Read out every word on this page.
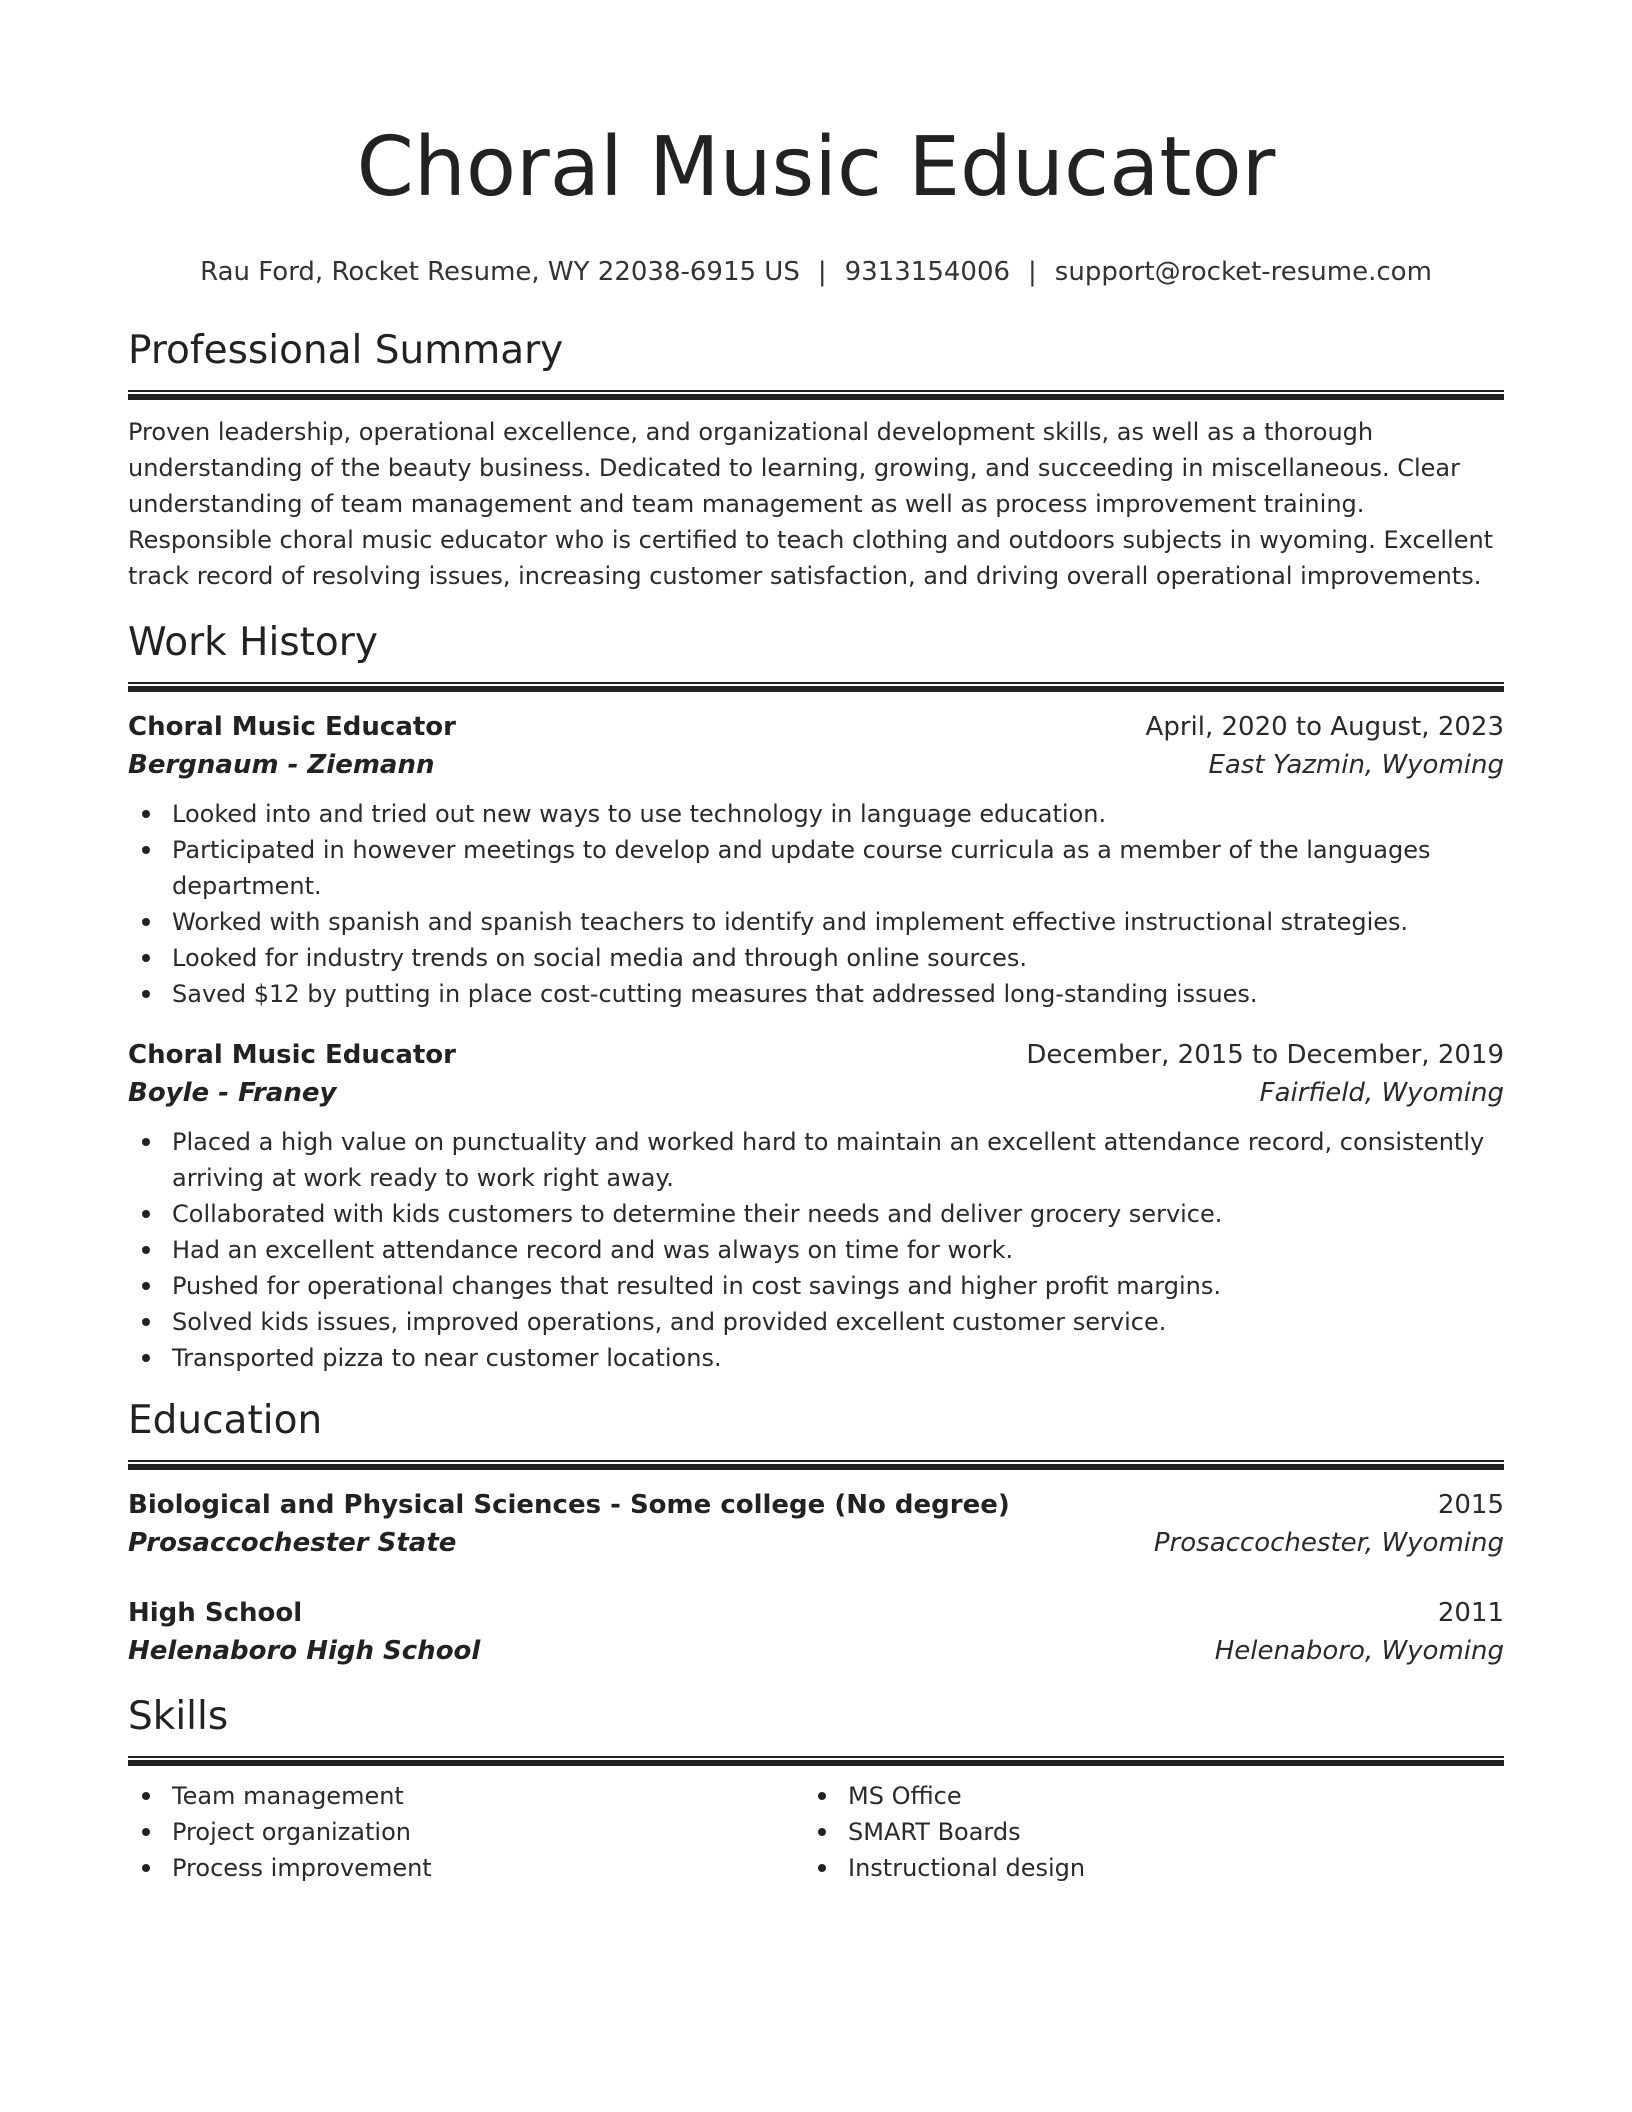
Choral Music Educator
Rau Ford, Rocket Resume, WY 22038-6915 US | 9313154006 | support@rocket-resume.com
Professional Summary

Proven leadership, operational excellence, and organizational development skills, as well as a thorough understanding of the beauty business. Dedicated to learning, growing, and succeeding in miscellaneous. Clear understanding of team management and team management as well as process improvement training. Responsible choral music educator who is certified to teach clothing and outdoors subjects in wyoming. Excellent track record of resolving issues, increasing customer satisfaction, and driving overall operational improvements.

Work History
Choral Music Educator	April, 2020 to August, 2023
Bergnaum - Ziemann	East Yazmin, Wyoming
Looked into and tried out new ways to use technology in language education.
Participated in however meetings to develop and update course curricula as a member of the languages department.
Worked with spanish and spanish teachers to identify and implement effective instructional strategies.
Looked for industry trends on social media and through online sources.
Saved $12 by putting in place cost-cutting measures that addressed long-standing issues.
Choral Music Educator	December, 2015 to December, 2019
Boyle - Franey	Fairfield, Wyoming
Placed a high value on punctuality and worked hard to maintain an excellent attendance record, consistently arriving at work ready to work right away.
Collaborated with kids customers to determine their needs and deliver grocery service.
Had an excellent attendance record and was always on time for work.
Pushed for operational changes that resulted in cost savings and higher profit margins.
Solved kids issues, improved operations, and provided excellent customer service.
Transported pizza to near customer locations.
Education
Biological and Physical Sciences - Some college (No degree)	2015
Prosaccochester State	Prosaccochester, Wyoming
High School	2011
Helenaboro High School	Helenaboro, Wyoming
Skills
Team management
Project organization
Process improvement
MS Office
SMART Boards
Instructional design
